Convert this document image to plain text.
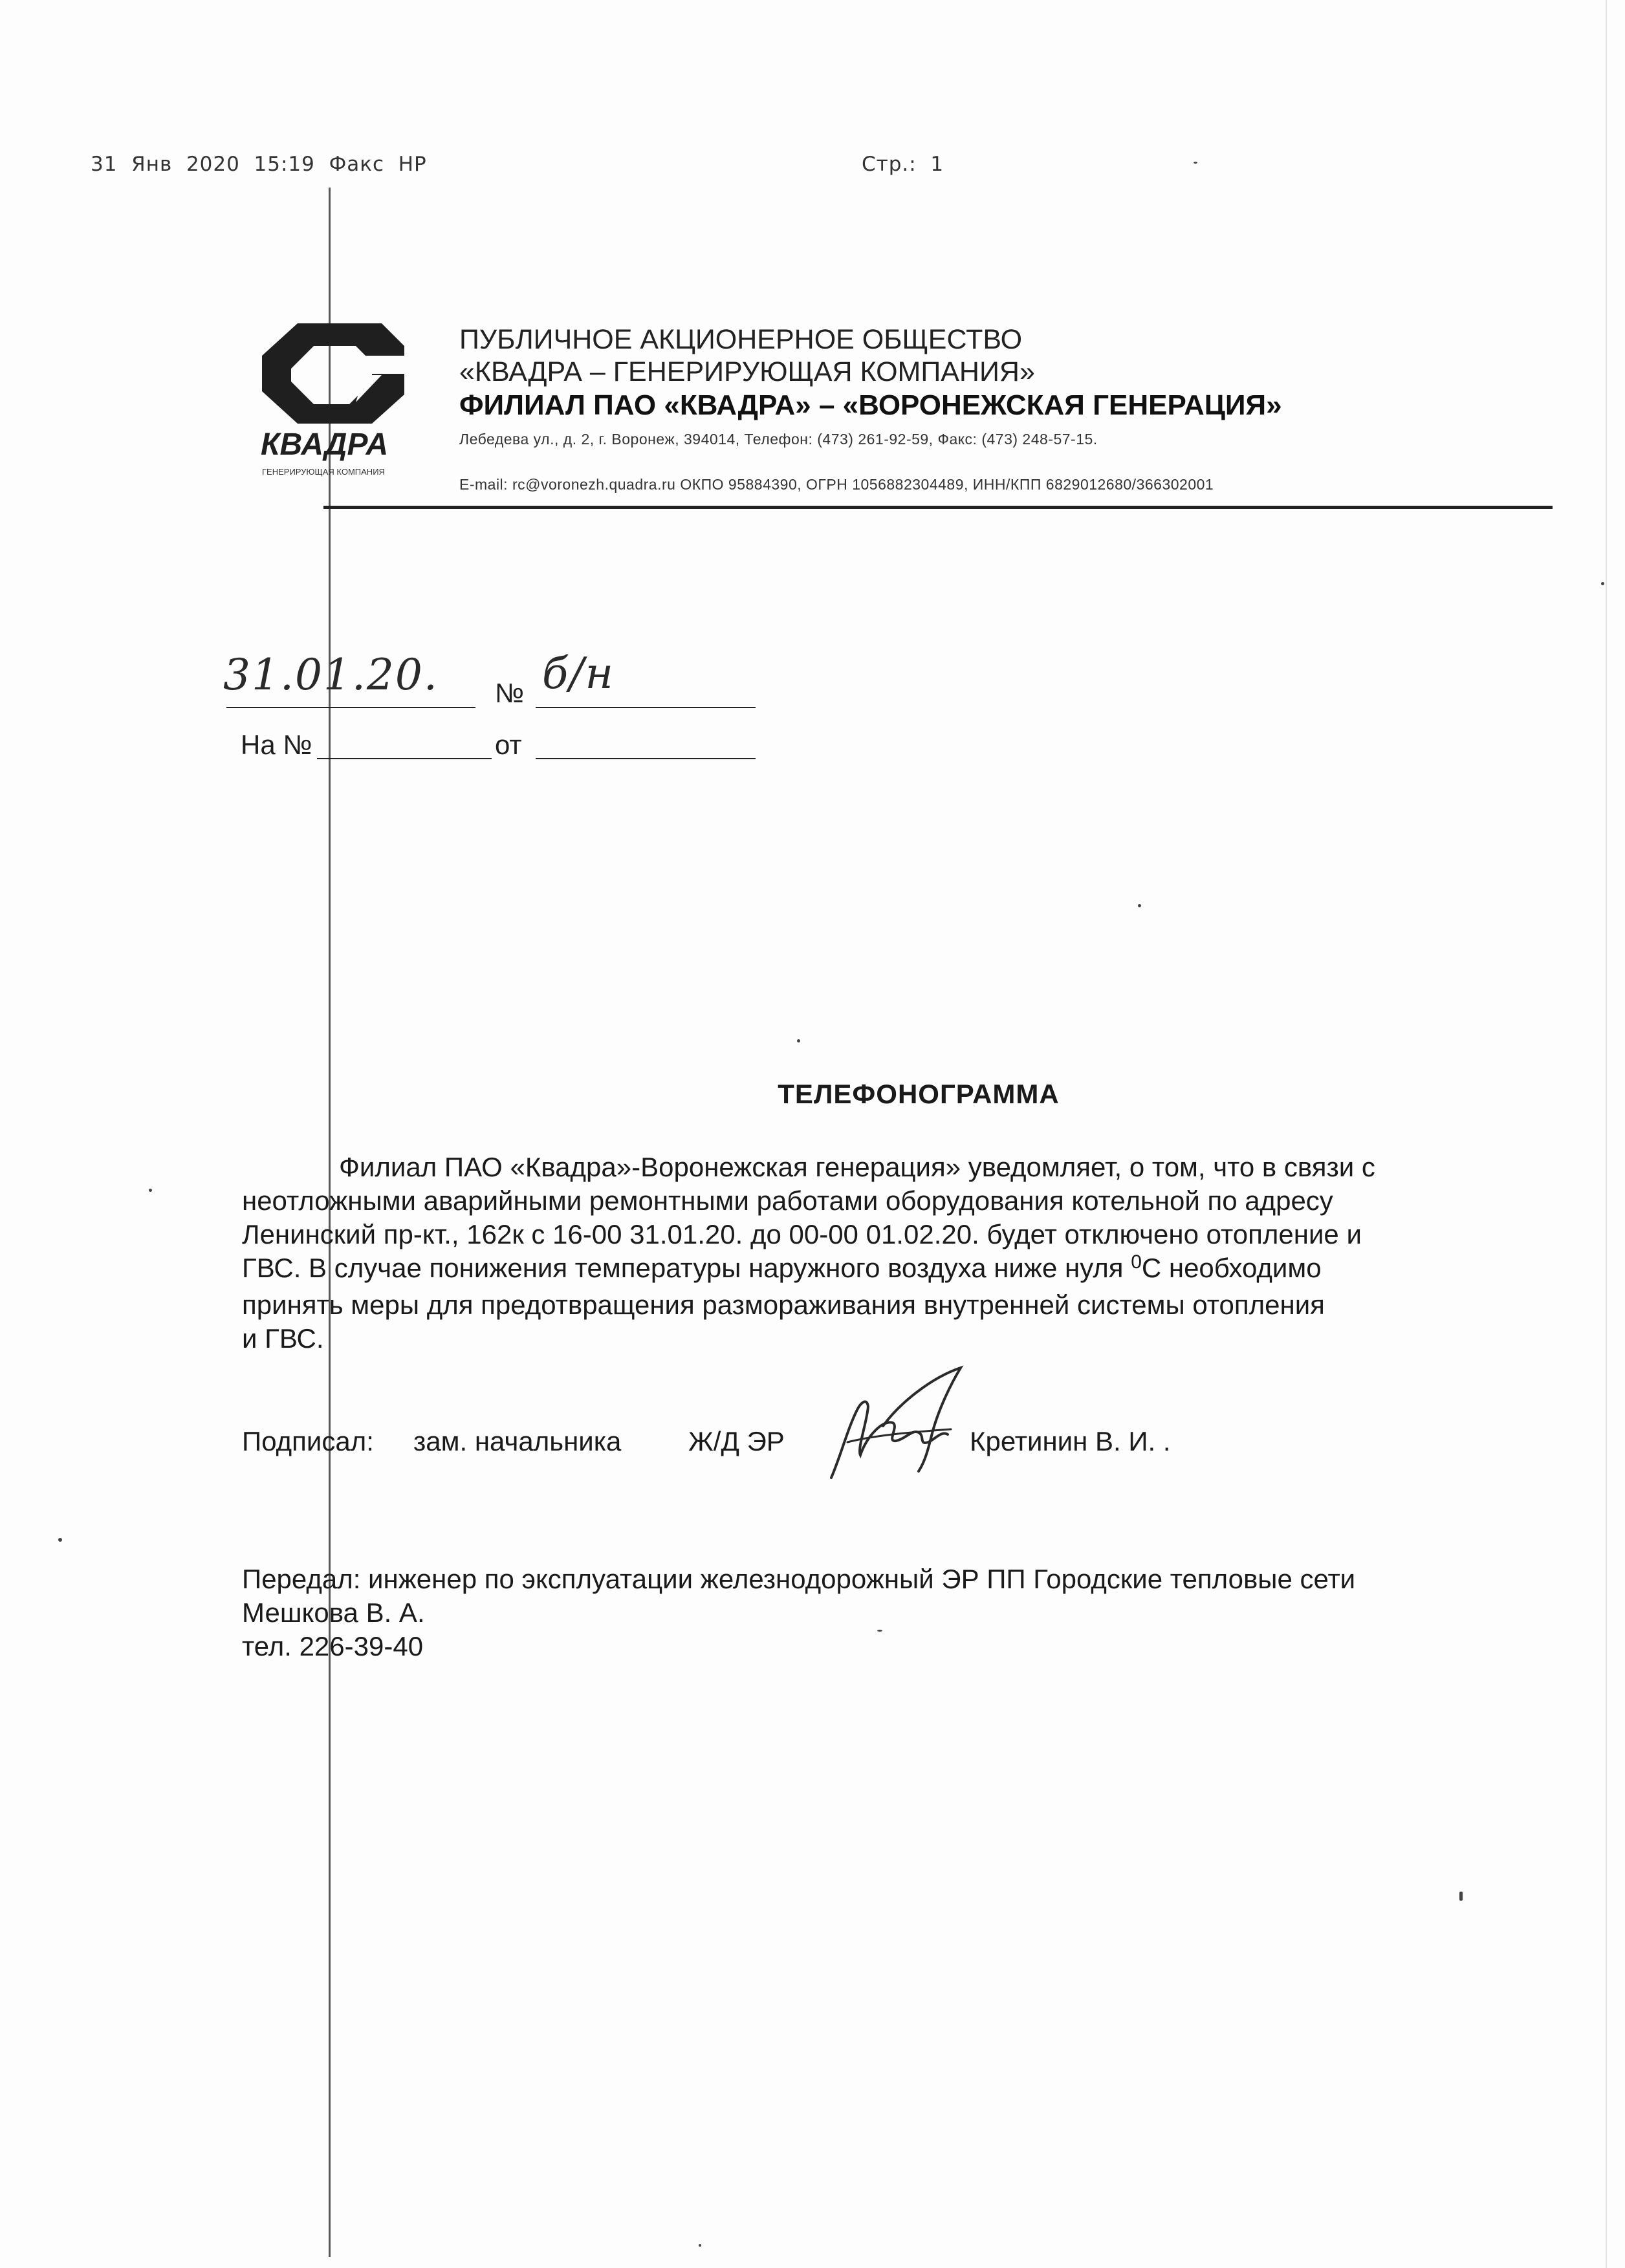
31  Янв  2020  15:19  Факс  HP	Стр.:  1
КВАДРА
ГЕНЕРИРУЮЩАЯ КОМПАНИЯ
ПУБЛИЧНОЕ АКЦИОНЕРНОЕ ОБЩЕСТВО
«КВАДРА – ГЕНЕРИРУЮЩАЯ КОМПАНИЯ»
ФИЛИАЛ ПАО «КВАДРА» – «ВОРОНЕЖСКАЯ ГЕНЕРАЦИЯ»
Лебедева ул., д. 2, г. Воронеж, 394014, Телефон: (473) 261-92-59, Факс: (473) 248-57-15.
E-mail: rc@voronezh.quadra.ru ОКПО 95884390, ОГРН 1056882304489, ИНН/КПП 6829012680/366302001
31.01.20. № б/н
На №	от
ТЕЛЕФОНОГРАММА
Филиал ПАО «Квадра»-Воронежская генерация» уведомляет, о том, что в связи с
неотложными аварийными ремонтными работами оборудования котельной по адресу
Ленинский пр-кт., 162к с 16-00 31.01.20. до 00-00 01.02.20. будет отключено отопление и
ГВС. В случае понижения температуры наружного воздуха ниже нуля $^0$С необходимо
принять меры для предотвращения размораживания внутренней системы отопления
и ГВС.
Подписал: зам. начальника Ж/Д ЭР	Кретинин В. И. .
Передал: инженер по эксплуатации железнодорожный ЭР ПП Городские тепловые сети
Мешкова В. А.
тел. 226-39-40
